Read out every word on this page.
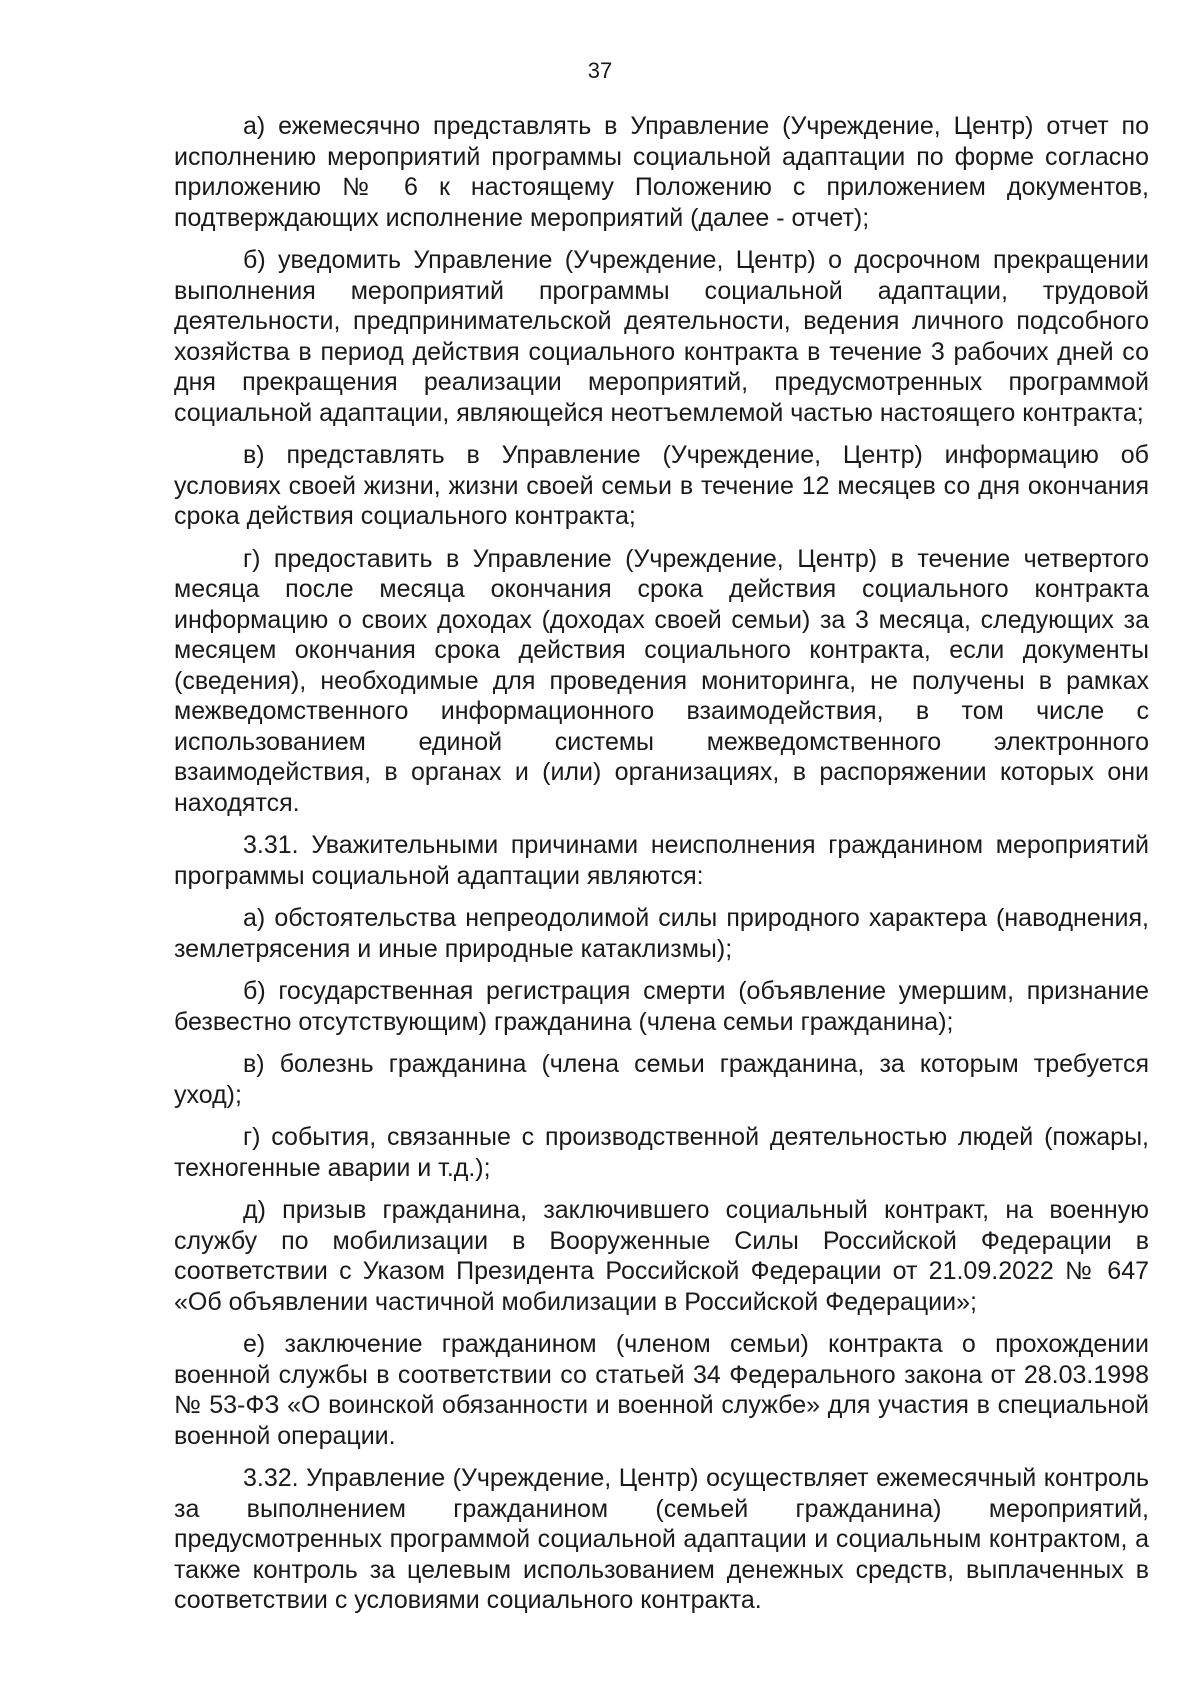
37

а) ежемесячно представлять в Управление (Учреждение, Центр) отчет по исполнению мероприятий программы социальной адаптации по форме согласно приложению № 6 к настоящему Положению с приложением документов, подтверждающих исполнение мероприятий (далее - отчет);

б) уведомить Управление (Учреждение, Центр) о досрочном прекращении выполнения мероприятий программы социальной адаптации, трудовой деятельности, предпринимательской деятельности, ведения личного подсобного хозяйства в период действия социального контракта в течение 3 рабочих дней со дня прекращения реализации мероприятий, предусмотренных программой социальной адаптации, являющейся неотъемлемой частью настоящего контракта;

в) представлять в Управление (Учреждение, Центр) информацию об условиях своей жизни, жизни своей семьи в течение 12 месяцев со дня окончания срока действия социального контракта;

г) предоставить в Управление (Учреждение, Центр) в течение четвертого месяца после месяца окончания срока действия социального контракта информацию о своих доходах (доходах своей семьи) за 3 месяца, следующих за месяцем окончания срока действия социального контракта, если документы (сведения), необходимые для проведения мониторинга, не получены в рамках межведомственного информационного взаимодействия, в том числе с использованием единой системы межведомственного электронного взаимодействия, в органах и (или) организациях, в распоряжении которых они находятся.

3.31. Уважительными причинами неисполнения гражданином мероприятий программы социальной адаптации являются:

а) обстоятельства непреодолимой силы природного характера (наводнения, землетрясения и иные природные катаклизмы);

б) государственная регистрация смерти (объявление умершим, признание безвестно отсутствующим) гражданина (члена семьи гражданина);

в) болезнь гражданина (члена семьи гражданина, за которым требуется уход);

г) события, связанные с производственной деятельностью людей (пожары, техногенные аварии и т.д.);

д) призыв гражданина, заключившего социальный контракт, на военную службу по мобилизации в Вооруженные Силы Российской Федерации в соответствии с Указом Президента Российской Федерации от 21.09.2022 № 647 «Об объявлении частичной мобилизации в Российской Федерации»;

е) заключение гражданином (членом семьи) контракта о прохождении военной службы в соответствии со статьей 34 Федерального закона от 28.03.1998 № 53-ФЗ «О воинской обязанности и военной службе» для участия в специальной военной операции.

3.32. Управление (Учреждение, Центр) осуществляет ежемесячный контроль за выполнением гражданином (семьей гражданина) мероприятий, предусмотренных программой социальной адаптации и социальным контрактом, а также контроль за целевым использованием денежных средств, выплаченных в соответствии с условиями социального контракта.
